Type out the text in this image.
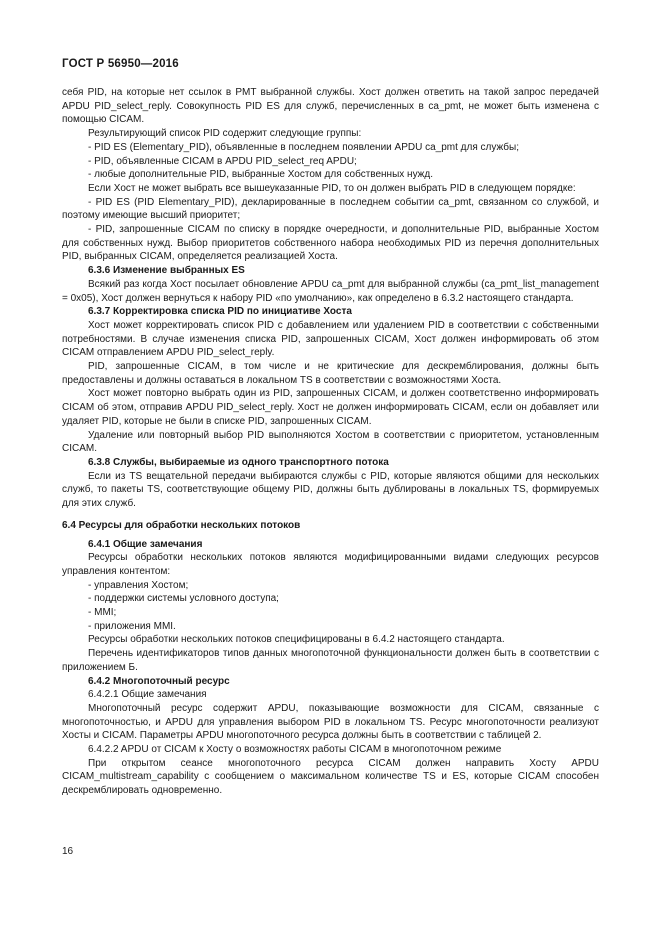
ГОСТ Р 56950—2016

себя PID, на которые нет ссылок в PMT выбранной службы. Хост должен ответить на такой запрос передачей APDU PID_select_reply. Совокупность PID ES для служб, перечисленных в ca_pmt, не может быть изменена с помощью CICAM.

Результирующий список PID содержит следующие группы:

- PID ES (Elementary_PID), объявленные в последнем появлении APDU ca_pmt для службы;

- PID, объявленные CICAM в APDU PID_select_req APDU;

- любые дополнительные PID, выбранные Хостом для собственных нужд.

Если Хост не может выбрать все вышеуказанные PID, то он должен выбрать PID в следующем порядке:

- PID ES (PID Elementary_PID), декларированные в последнем событии ca_pmt, связанном со службой, и поэтому имеющие высший приоритет;

- PID, запрошенные CICAM по списку в порядке очередности, и дополнительные PID, выбранные Хостом для собственных нужд. Выбор приоритетов собственного набора необходимых PID из перечня дополнительных PID, выбранных CICAM, определяется реализацией Хоста.

6.3.6 Изменение выбранных ES

Всякий раз когда Хост посылает обновление APDU ca_pmt для выбранной службы (ca_pmt_list_management = 0x05), Хост должен вернуться к набору PID «по умолчанию», как определено в 6.3.2 настоящего стандарта.

6.3.7 Корректировка списка PID по инициативе Хоста

Хост может корректировать список PID с добавлением или удалением PID в соответствии с собственными потребностями. В случае изменения списка PID, запрошенных CICAM, Хост должен информировать об этом CICAM отправлением APDU PID_select_reply.

PID, запрошенные CICAM, в том числе и не критические для дескремблирования, должны быть предоставлены и должны оставаться в локальном TS в соответствии с возможностями Хоста.

Хост может повторно выбрать один из PID, запрошенных CICAM, и должен соответственно информировать CICAM об этом, отправив APDU PID_select_reply. Хост не должен информировать CICAM, если он добавляет или удаляет PID, которые не были в списке PID, запрошенных CICAM.

Удаление или повторный выбор PID выполняются Хостом в соответствии с приоритетом, установленным CICAM.

6.3.8 Службы, выбираемые из одного транспортного потока

Если из TS вещательной передачи выбираются службы с PID, которые являются общими для нескольких служб, то пакеты TS, соответствующие общему PID, должны быть дублированы в локальных TS, формируемых для этих служб.

6.4 Ресурсы для обработки нескольких потоков

6.4.1 Общие замечания

Ресурсы обработки нескольких потоков являются модифицированными видами следующих ресурсов управления контентом:

- управления Хостом;

- поддержки системы условного доступа;

- MMI;

- приложения MMI.

Ресурсы обработки нескольких потоков специфицированы в 6.4.2 настоящего стандарта.

Перечень идентификаторов типов данных многопоточной функциональности должен быть в соответствии с приложением Б.

6.4.2 Многопоточный ресурс

6.4.2.1 Общие замечания

Многопоточный ресурс содержит APDU, показывающие возможности для CICAM, связанные с многопоточностью, и APDU для управления выбором PID в локальном TS. Ресурс многопоточности реализуют Хосты и CICAM. Параметры APDU многопоточного ресурса должны быть в соответствии с таблицей 2.

6.4.2.2 APDU от CICAM к Хосту о возможностях работы CICAM в многопоточном режиме

При открытом сеансе многопоточного ресурса CICAM должен направить Хосту APDU CICAM_multistream_capability с сообщением о максимальном количестве TS и ES, которые CICAM способен дескремблировать одновременно.

16
